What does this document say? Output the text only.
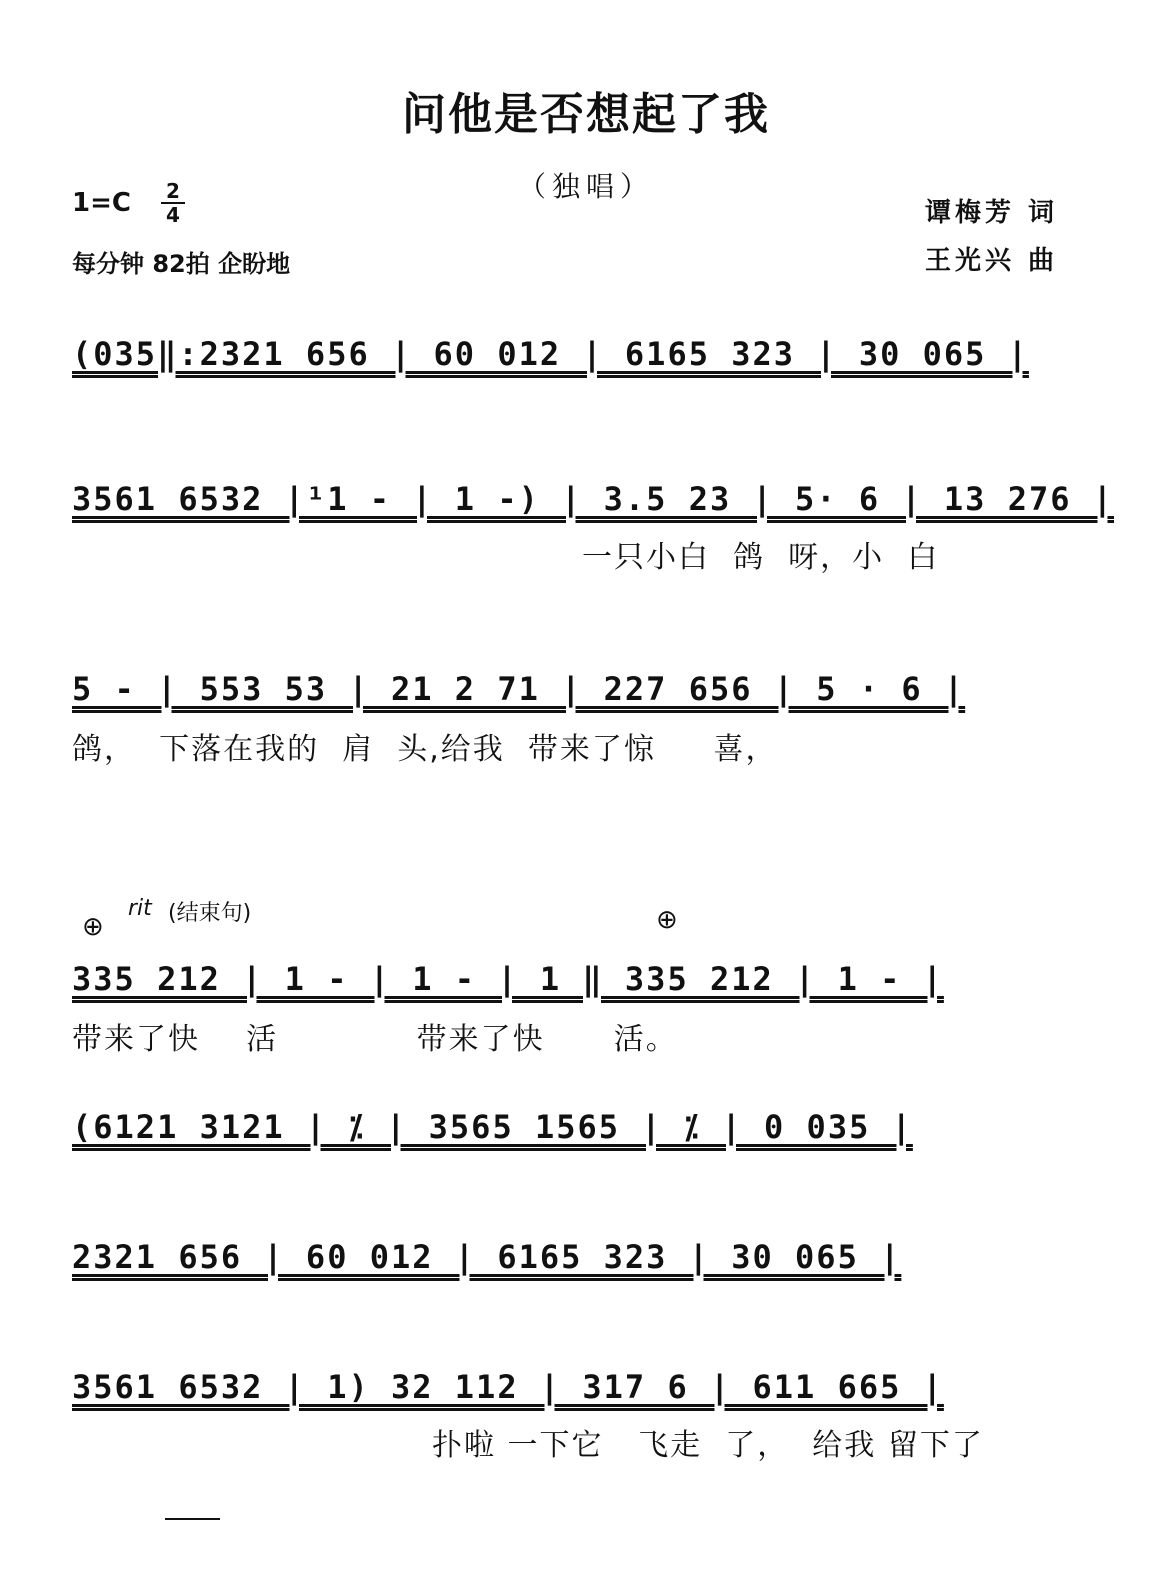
问他是否想起了我
（独唱）
1=C 2
4
每分钟 82拍 企盼地
谭梅芳 词
王光兴 曲
(035‖:2321 656 | 60 012 | 6165 323 | 30 065 |
3561 6532 |¹1 - | 1 -) | 3.5 23 | 5· 6 | 13 276 |
一只小白  鸽  呀，小  白
5 - | 553 53 | 21 2 71 | 227 656 | 5 · 6 |
鸽，  下落在我的  肩  头,给我  带来了惊     喜，
⊕
rit (结束句)	⊕
335 212 | 1 - | 1 - | 1 ‖ 335 212 | 1 - |
带来了快    活            带来了快      活。
(6121 3121 | ⁒ | 3565 1565 | ⁒ | 0 035 |
2321 656 | 60 012 | 6165 323 | 30 065 |
3561 6532 | 1) 32 112 | 317 6 | 611 665 |
扑啦 一下它   飞走  了，  给我 留下了
